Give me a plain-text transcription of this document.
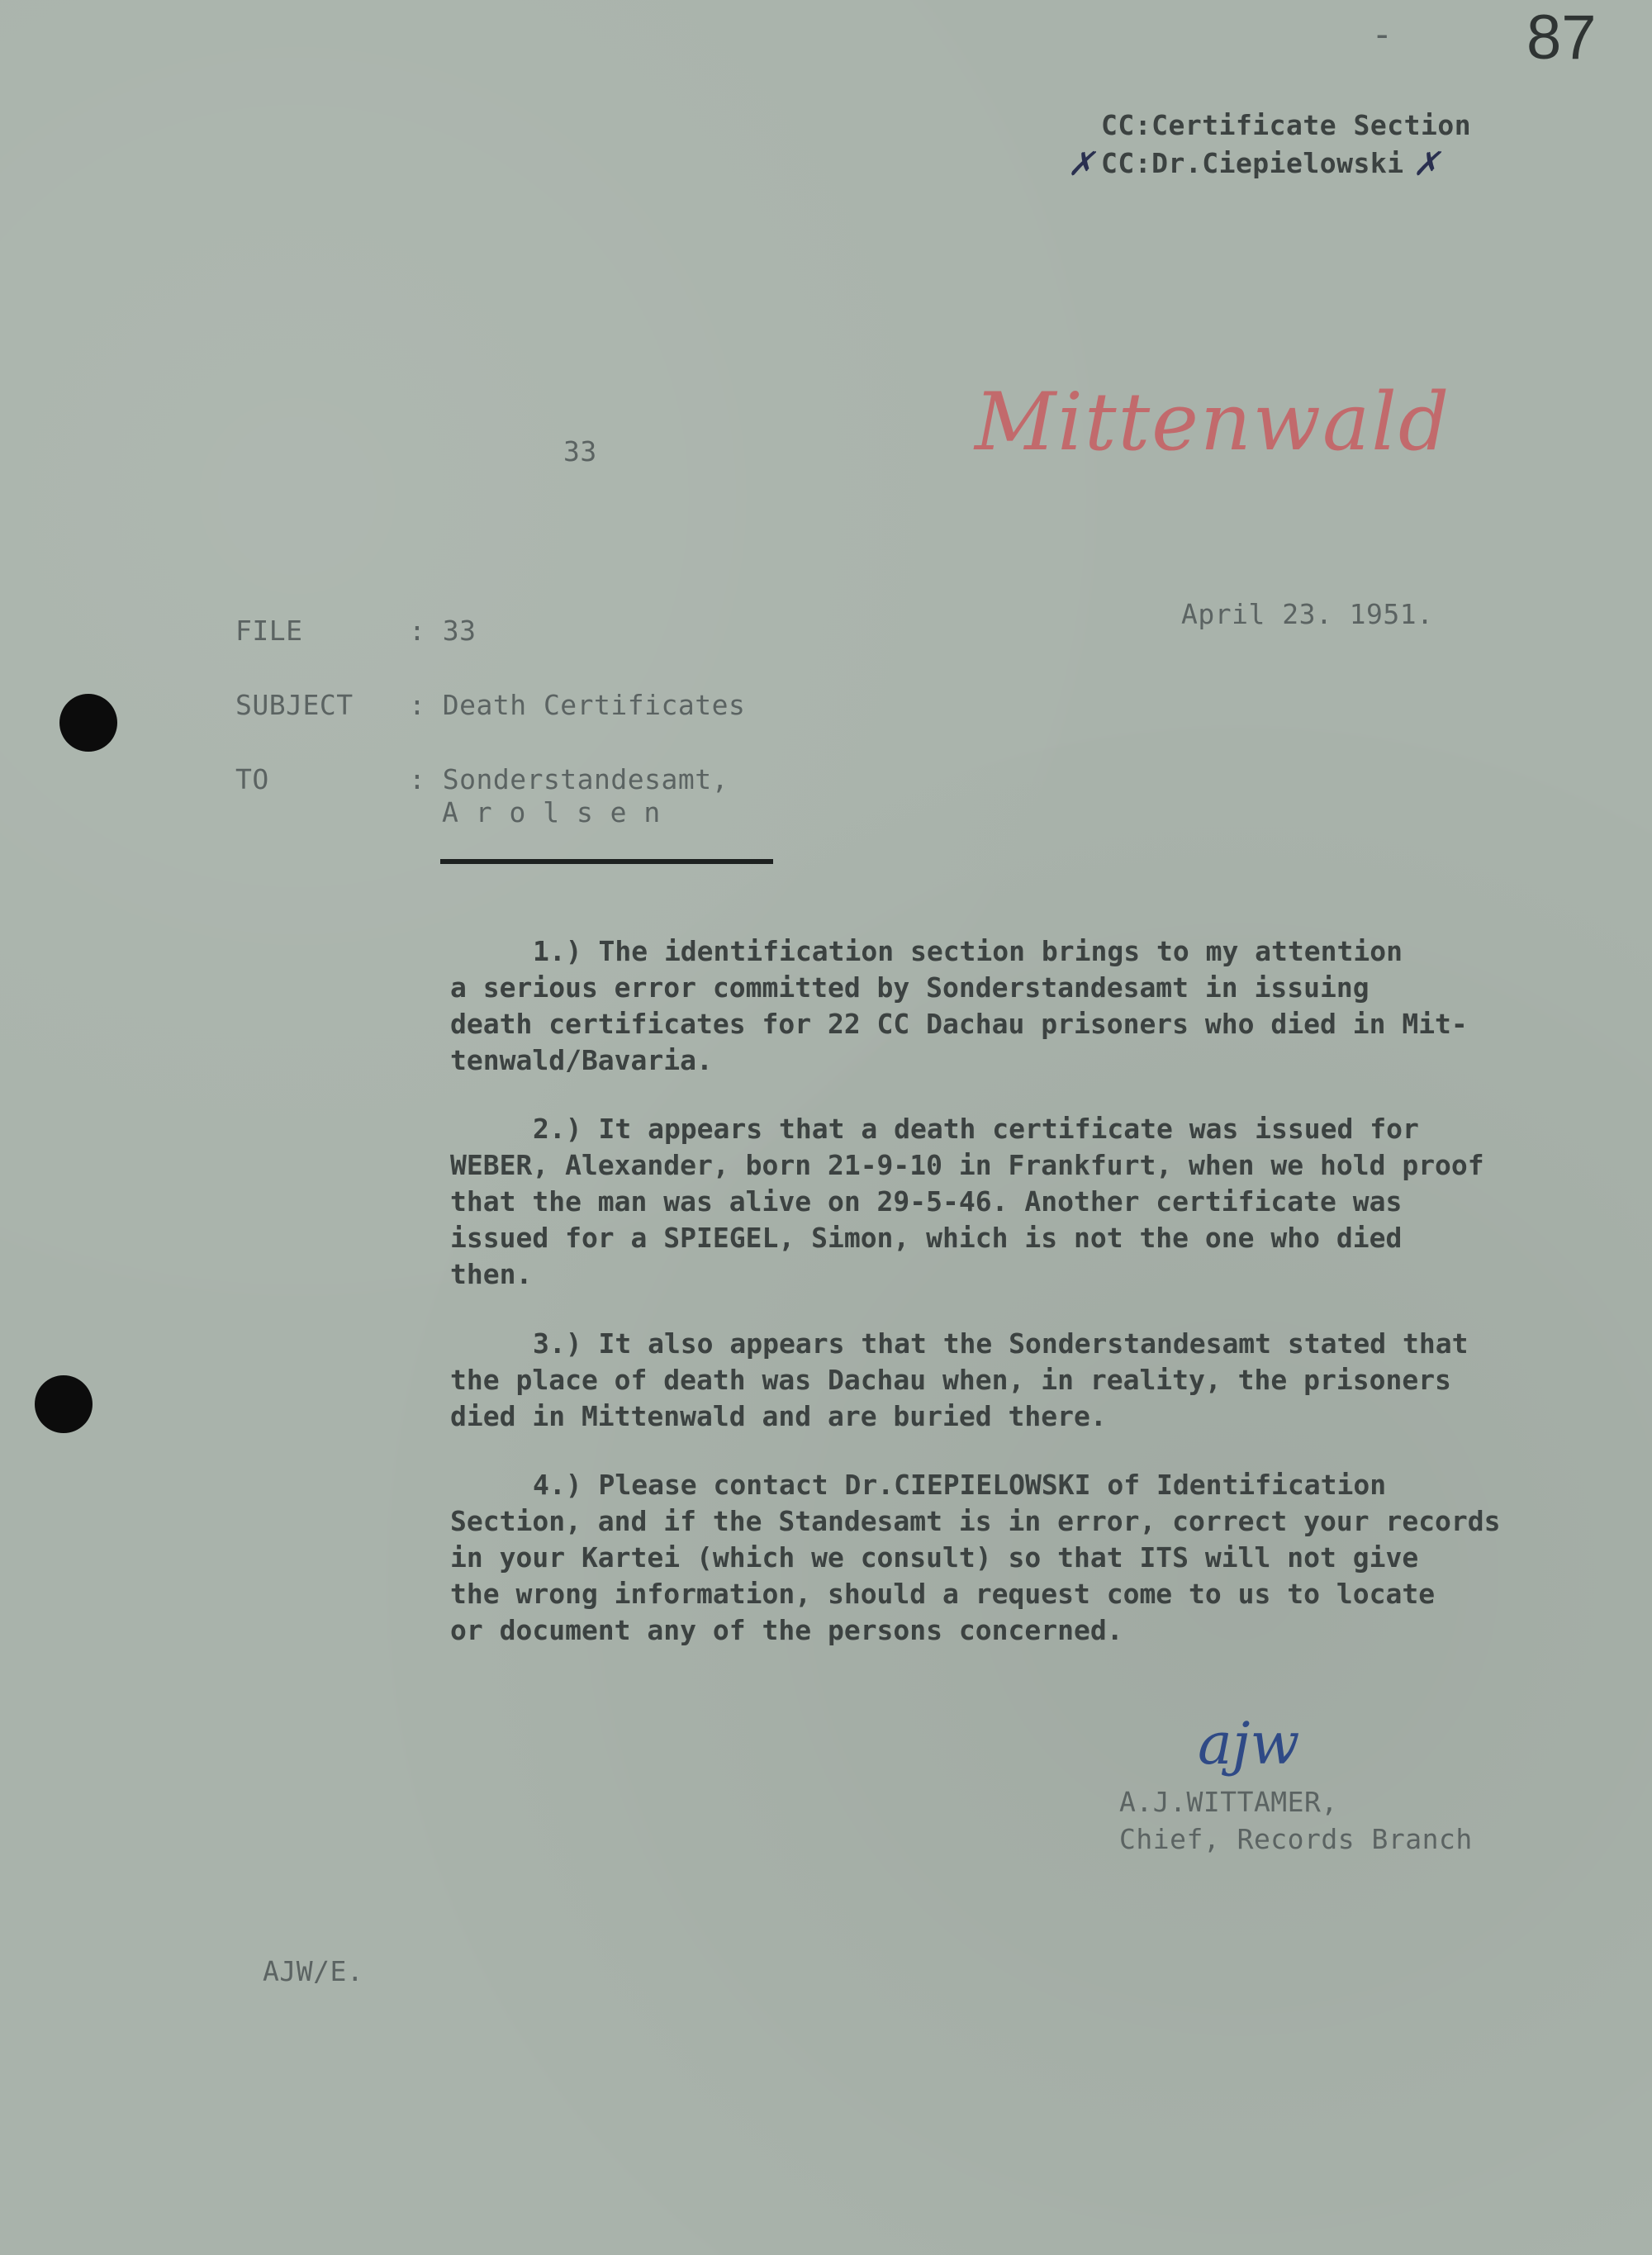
- 87
CC:Certificate Section
✗ CC:Dr.Ciepielowski ✗
Mittenwald
33
April 23. 1951.
FILE	: 33
SUBJECT : Death Certificates
TO	: Sonderstandesamt,
A r o l s e n

1.) The identification section brings to my attention

a serious error committed by Sonderstandesamt in issuing

death certificates for 22 CC Dachau prisoners who died in Mit-

tenwald/Bavaria.

2.) It appears that a death certificate was issued for

WEBER, Alexander, born 21-9-10 in Frankfurt, when we hold proof

that the man was alive on 29-5-46. Another certificate was

issued for a SPIEGEL, Simon, which is not the one who died

then.

3.) It also appears that the Sonderstandesamt stated that

the place of death was Dachau when, in reality, the prisoners

died in Mittenwald and are buried there.

4.) Please contact Dr.CIEPIELOWSKI of Identification

Section, and if the Standesamt is in error, correct your records

in your Kartei (which we consult) so that ITS will not give

the wrong information, should a request come to us to locate

or document any of the persons concerned.

ajw
A.J.WITTAMER,
Chief, Records Branch
AJW/E.
